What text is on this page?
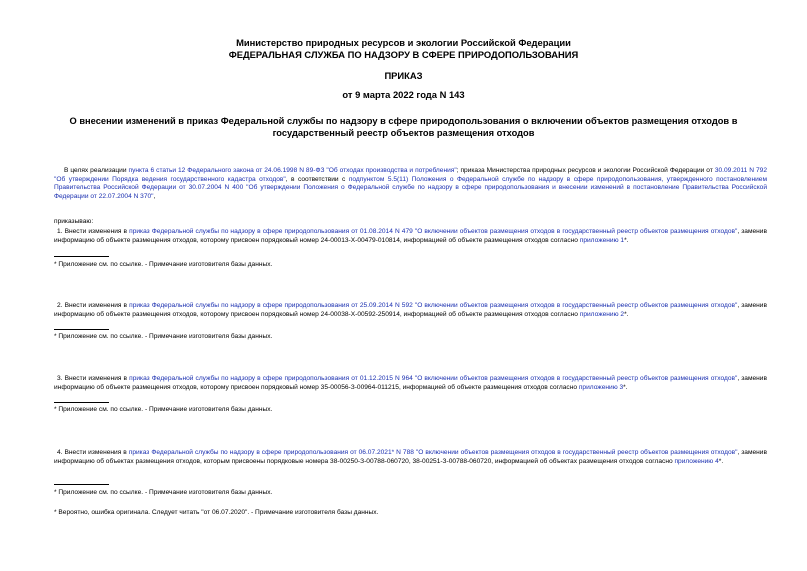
Министерство природных ресурсов и экологии Российской Федерации
ФЕДЕРАЛЬНАЯ СЛУЖБА ПО НАДЗОРУ В СФЕРЕ ПРИРОДОПОЛЬЗОВАНИЯ
ПРИКАЗ
от 9 марта 2022 года N 143
О внесении изменений в приказ Федеральной службы по надзору в сфере природопользования о включении объектов размещения отходов в государственный реестр объектов размещения отходов
В целях реализации пункта 6 статьи 12 Федерального закона от 24.06.1998 N 89-ФЗ "Об отходах производства и потребления"; приказа Министерства природных ресурсов и экологии Российской Федерации от 30.09.2011 N 792 "Об утверждении Порядка ведения государственного кадастра отходов", в соответствии с подпунктом 5.5(11) Положения о Федеральной службе по надзору в сфере природопользования, утвержденного постановлением Правительства Российской Федерации от 30.07.2004 N 400 "Об утверждении Положения о Федеральной службе по надзору в сфере природопользования и внесении изменений в постановление Правительства Российской Федерации от 22.07.2004 N 370",
приказываю:
1. Внести изменения в приказ Федеральной службы по надзору в сфере природопользования от 01.08.2014 N 479 "О включении объектов размещения отходов в государственный реестр объектов размещения отходов", заменив информацию об объекте размещения отходов, которому присвоен порядковый номер 24-00013-Х-00479-010814, информацией об объекте размещения отходов согласно приложению 1*.
* Приложение см. по ссылке. - Примечание изготовителя базы данных.
2. Внести изменения в приказ Федеральной службы по надзору в сфере природопользования от 25.09.2014 N 592 "О включении объектов размещения отходов в государственный реестр объектов размещения отходов", заменив информацию об объекте размещения отходов, которому присвоен порядковый номер 24-00038-Х-00592-250914, информацией об объекте размещения отходов согласно приложению 2*.
* Приложение см. по ссылке. - Примечание изготовителя базы данных.
3. Внести изменения в приказ Федеральной службы по надзору в сфере природопользования от 01.12.2015 N 964 "О включении объектов размещения отходов в государственный реестр объектов размещения отходов", заменив информацию об объекте размещения отходов, которому присвоен порядковый номер 35-00056-З-00964-011215, информацией об объекте размещения отходов согласно приложению 3*.
* Приложение см. по ссылке. - Примечание изготовителя базы данных.
4. Внести изменения в приказ Федеральной службы по надзору в сфере природопользования от 06.07.2021* N 788 "О включении объектов размещения отходов в государственный реестр объектов размещения отходов", заменив информацию об объектах размещения отходов, которым присвоены порядковые номера 38-00250-З-00788-060720, 38-00251-З-00788-060720, информацией об объектах размещения отходов согласно приложению 4*.
* Приложение см. по ссылке. - Примечание изготовителя базы данных.
* Вероятно, ошибка оригинала. Следует читать "от 06.07.2020". - Примечание изготовителя базы данных.
